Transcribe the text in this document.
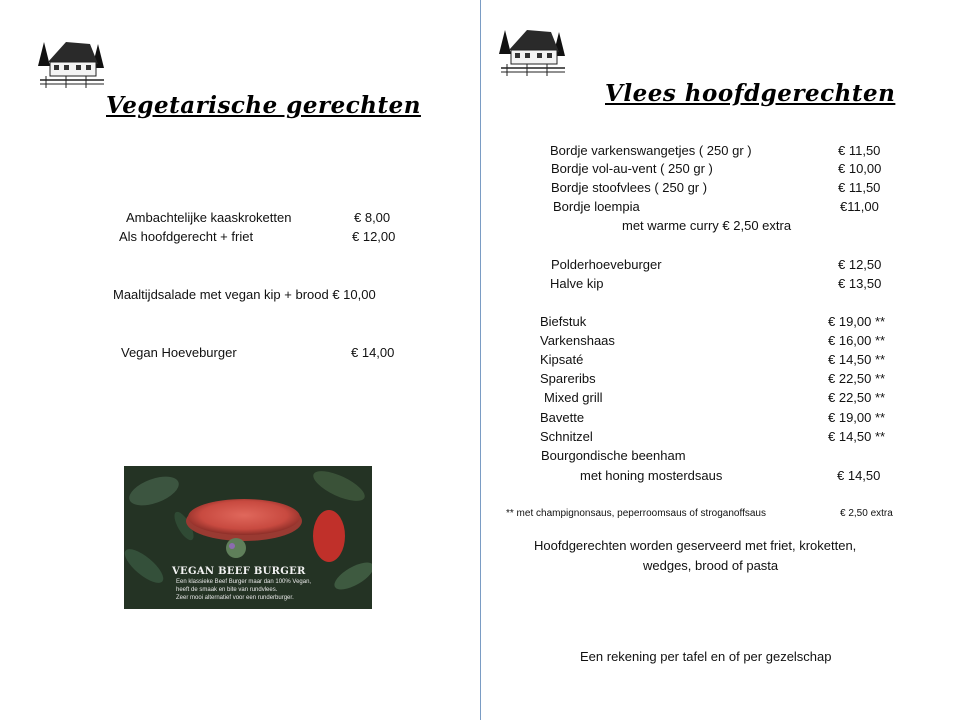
Vegetarische gerechten
Ambachtelijke kaaskroketten	€ 8,00
Als hoofdgerecht + friet	€ 12,00
Maaltijdsalade met vegan kip + brood € 10,00
Vegan Hoeveburger	€ 14,00
VEGAN BEEF BURGER
Een klassieke Beef Burger maar dan 100% Vegan,
heeft de smaak en bite van rundvlees.
Zeer mooi alternatief voor een runderburger.
Vlees hoofdgerechten
Bordje varkenswangetjes ( 250 gr )	€ 11,50
Bordje vol-au-vent ( 250 gr )	€ 10,00
Bordje stoofvlees ( 250 gr )	€ 11,50
Bordje loempia	€11,00
met warme curry € 2,50 extra
Polderhoeveburger	€ 12,50
Halve kip	€ 13,50
Biefstuk	€ 19,00 **
Varkenshaas	€ 16,00 **
Kipsaté	€ 14,50 **
Spareribs	€ 22,50 **
Mixed grill	€ 22,50 **
Bavette	€ 19,00 **
Schnitzel	€ 14,50 **
Bourgondische beenham
met honing mosterdsaus	€ 14,50
** met champignonsaus, peperroomsaus of stroganoffsaus	€ 2,50 extra
Hoofdgerechten worden geserveerd met friet, kroketten,
wedges, brood of pasta
Een rekening per tafel en of per gezelschap
